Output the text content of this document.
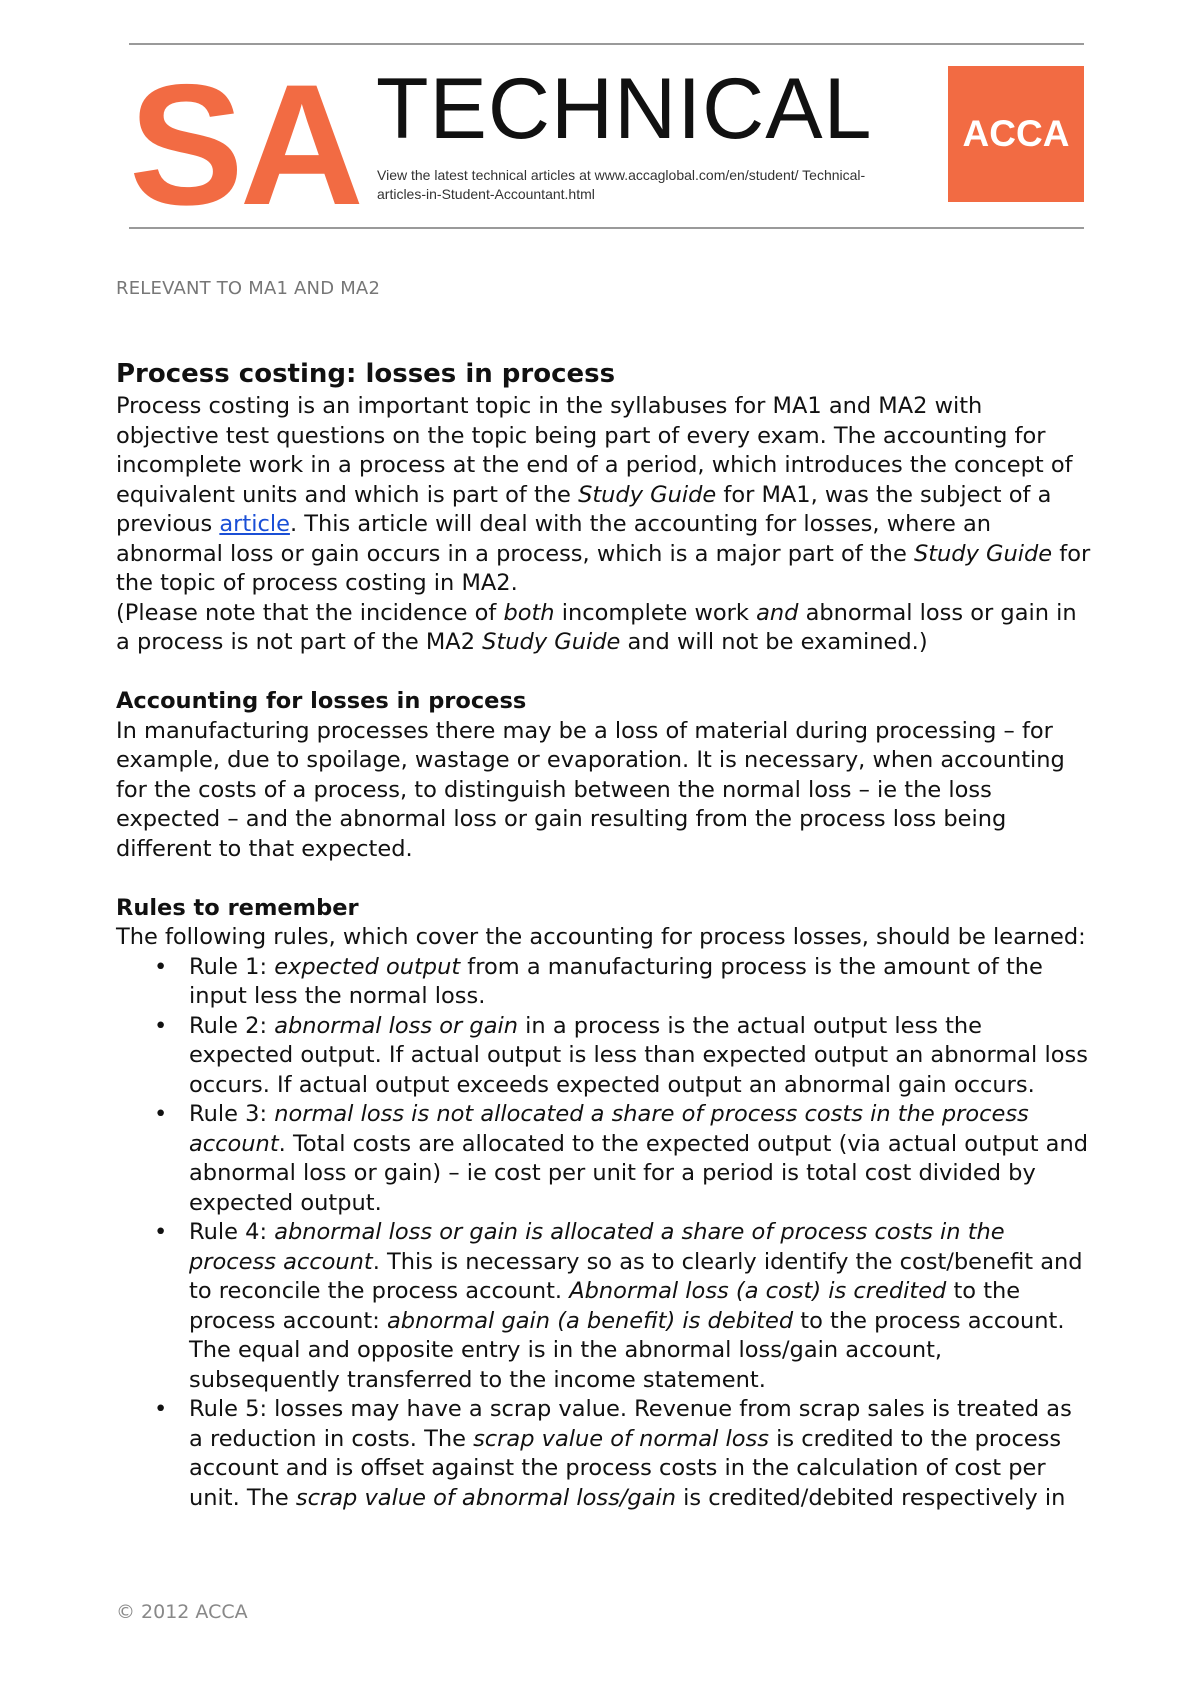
SA TECHNICAL
View the latest technical articles at www.accaglobal.com/en/student/ Technical-articles-in-Student-Accountant.html
ACCA
RELEVANT TO MA1 AND MA2
Process costing: losses in process

Process costing is an important topic in the syllabuses for MA1 and MA2 with objective test questions on the topic being part of every exam. The accounting for incomplete work in a process at the end of a period, which introduces the concept of equivalent units and which is part of the Study Guide for MA1, was the subject of a previous article. This article will deal with the accounting for losses, where an abnormal loss or gain occurs in a process, which is a major part of the Study Guide for the topic of process costing in MA2.

(Please note that the incidence of both incomplete work and abnormal loss or gain in a process is not part of the MA2 Study Guide and will not be examined.)

Accounting for losses in process

In manufacturing processes there may be a loss of material during processing – for example, due to spoilage, wastage or evaporation. It is necessary, when accounting for the costs of a process, to distinguish between the normal loss – ie the loss expected – and the abnormal loss or gain resulting from the process loss being different to that expected.

Rules to remember

The following rules, which cover the accounting for process losses, should be learned:

• Rule 1: expected output from a manufacturing process is the amount of the input less the normal loss.
• Rule 2: abnormal loss or gain in a process is the actual output less the expected output. If actual output is less than expected output an abnormal loss occurs. If actual output exceeds expected output an abnormal gain occurs.
• Rule 3: normal loss is not allocated a share of process costs in the process account. Total costs are allocated to the expected output (via actual output and abnormal loss or gain) – ie cost per unit for a period is total cost divided by expected output.
• Rule 4: abnormal loss or gain is allocated a share of process costs in the process account. This is necessary so as to clearly identify the cost/benefit and to reconcile the process account. Abnormal loss (a cost) is credited to the process account: abnormal gain (a benefit) is debited to the process account. The equal and opposite entry is in the abnormal loss/gain account, subsequently transferred to the income statement.
• Rule 5: losses may have a scrap value. Revenue from scrap sales is treated as a reduction in costs. The scrap value of normal loss is credited to the process account and is offset against the process costs in the calculation of cost per unit. The scrap value of abnormal loss/gain is credited/debited respectively in
© 2012 ACCA
